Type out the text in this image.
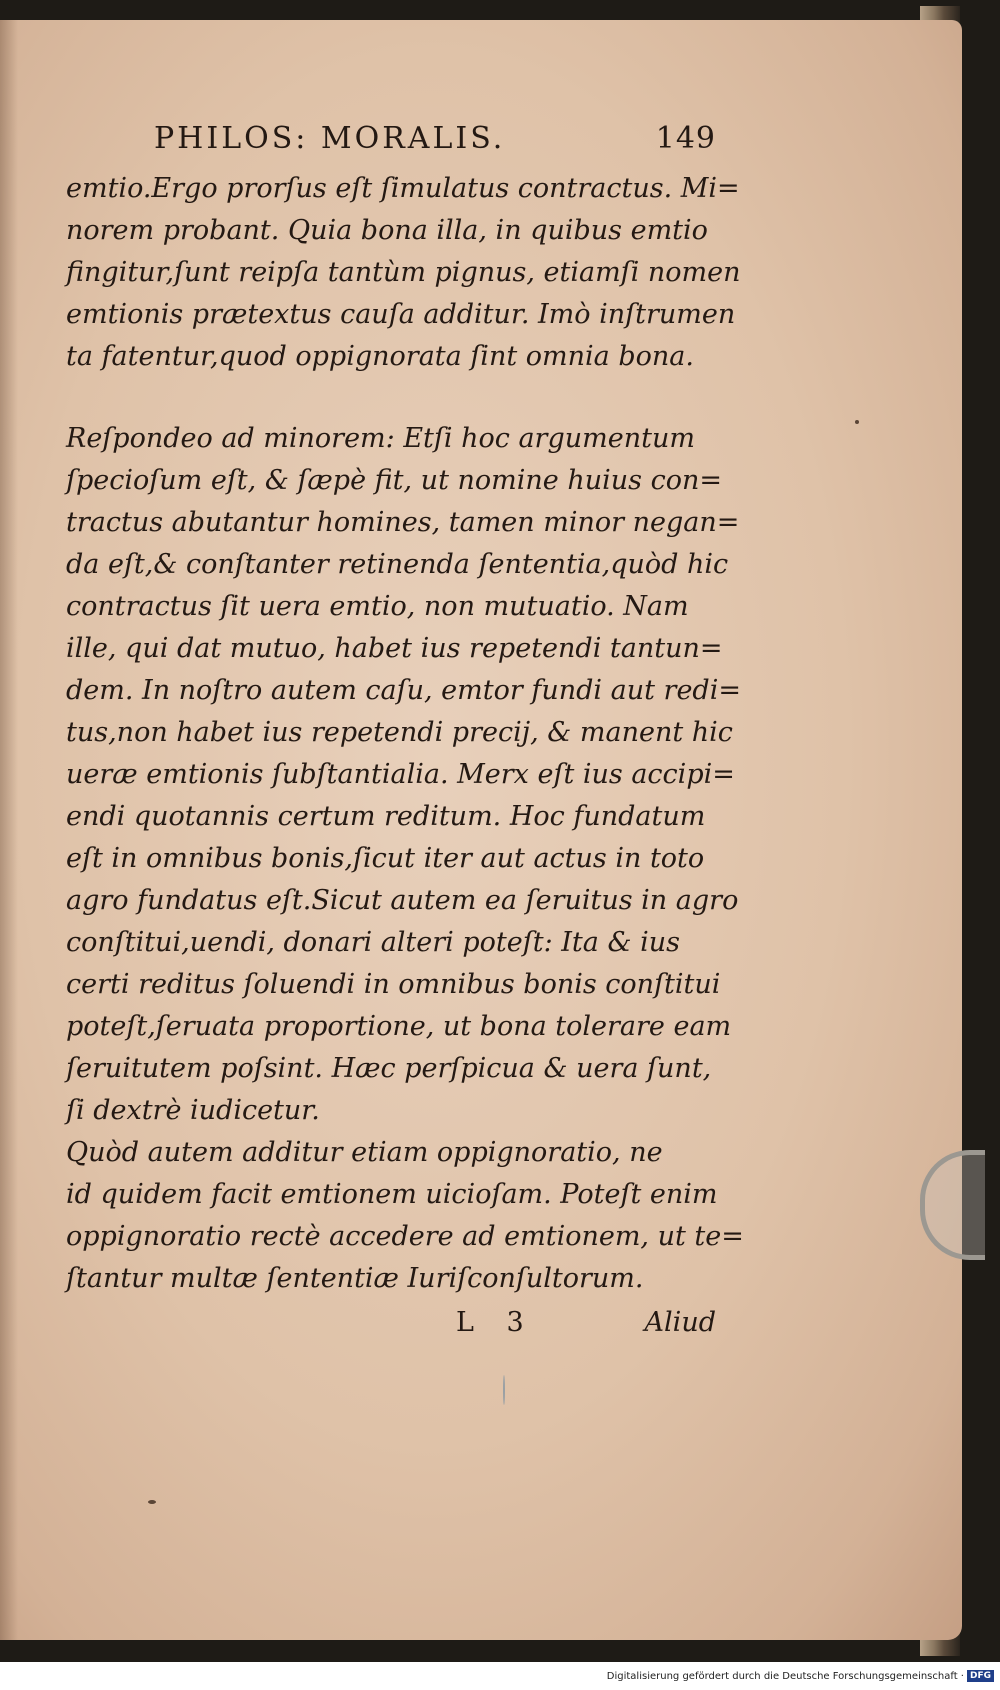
PHILOS: MORALIS.	149

emtio.Ergo prorſus eſt ſimulatus contractus. Mi=
norem probant. Quia bona illa, in quibus emtio
fingitur,ſunt reipſa tantùm pignus, etiamſi nomen
emtionis prætextus cauſa additur. Imò inſtrumen
ta fatentur,quod oppignorata ſint omnia bona.

Reſpondeo ad minorem: Etſi hoc argumentum
ſpecioſum eſt, & ſæpè fit, ut nomine huius con=
tractus abutantur homines, tamen minor negan=
da eſt,& conſtanter retinenda ſententia,quòd hic
contractus ſit uera emtio, non mutuatio. Nam
ille, qui dat mutuo, habet ius repetendi tantun=
dem. In noſtro autem caſu, emtor fundi aut redi=
tus,non habet ius repetendi precij, & manent hic
ueræ emtionis ſubſtantialia. Merx eſt ius accipi=
endi quotannis certum reditum. Hoc fundatum
eſt in omnibus bonis,ſicut iter aut actus in toto
agro fundatus eſt.Sicut autem ea ſeruitus in agro
conſtitui,uendi, donari alteri poteſt: Ita & ius
certi reditus ſoluendi in omnibus bonis conſtitui
poteſt,ſeruata proportione, ut bona tolerare eam
ſeruitutem poſsint. Hæc perſpicua & uera ſunt,
ſi dextrè iudicetur.

Quòd autem additur etiam oppignoratio, ne
id quidem facit emtionem uicioſam. Poteſt enim
oppignoratio rectè accedere ad emtionem, ut te=
ſtantur multæ ſententiæ Iuriſconſultorum.

L 3	Aliud
Digitalisierung gefördert durch die Deutsche Forschungsgemeinschaft · DFG
